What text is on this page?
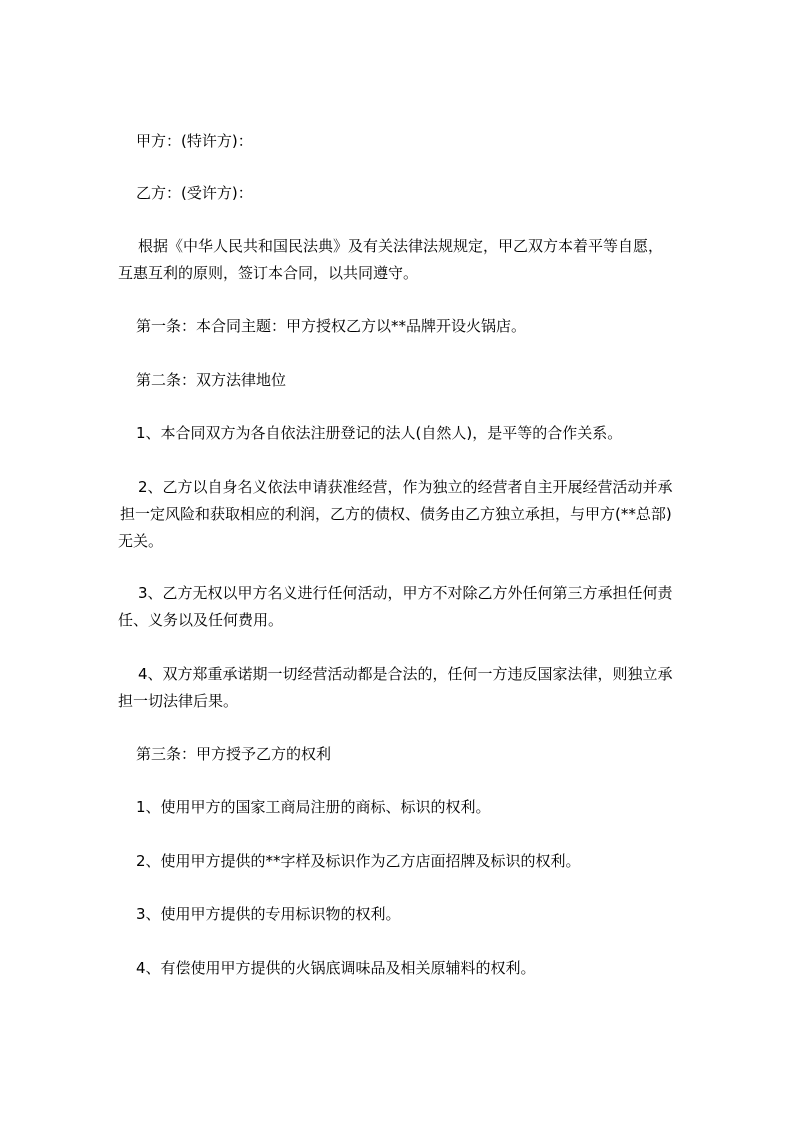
甲方：(特许方)：

乙方：(受许方)：

根据《中华人民共和国民法典》及有关法律法规规定，甲乙双方本着平等自愿，
互惠互利的原则，签订本合同，以共同遵守。

第一条：本合同主题：甲方授权乙方以**品牌开设火锅店。

第二条：双方法律地位

1、本合同双方为各自依法注册登记的法人(自然人)，是平等的合作关系。

2、乙方以自身名义依法申请获准经营，作为独立的经营者自主开展经营活动并承
担一定风险和获取相应的利润，乙方的债权、债务由乙方独立承担，与甲方(**总部)
无关。
3、乙方无权以甲方名义进行任何活动，甲方不对除乙方外任何第三方承担任何责
任、义务以及任何费用。
4、双方郑重承诺期一切经营活动都是合法的，任何一方违反国家法律，则独立承
担一切法律后果。

第三条：甲方授予乙方的权利

1、使用甲方的国家工商局注册的商标、标识的权利。

2、使用甲方提供的**字样及标识作为乙方店面招牌及标识的权利。

3、使用甲方提供的专用标识物的权利。

4、有偿使用甲方提供的火锅底调味品及相关原辅料的权利。
